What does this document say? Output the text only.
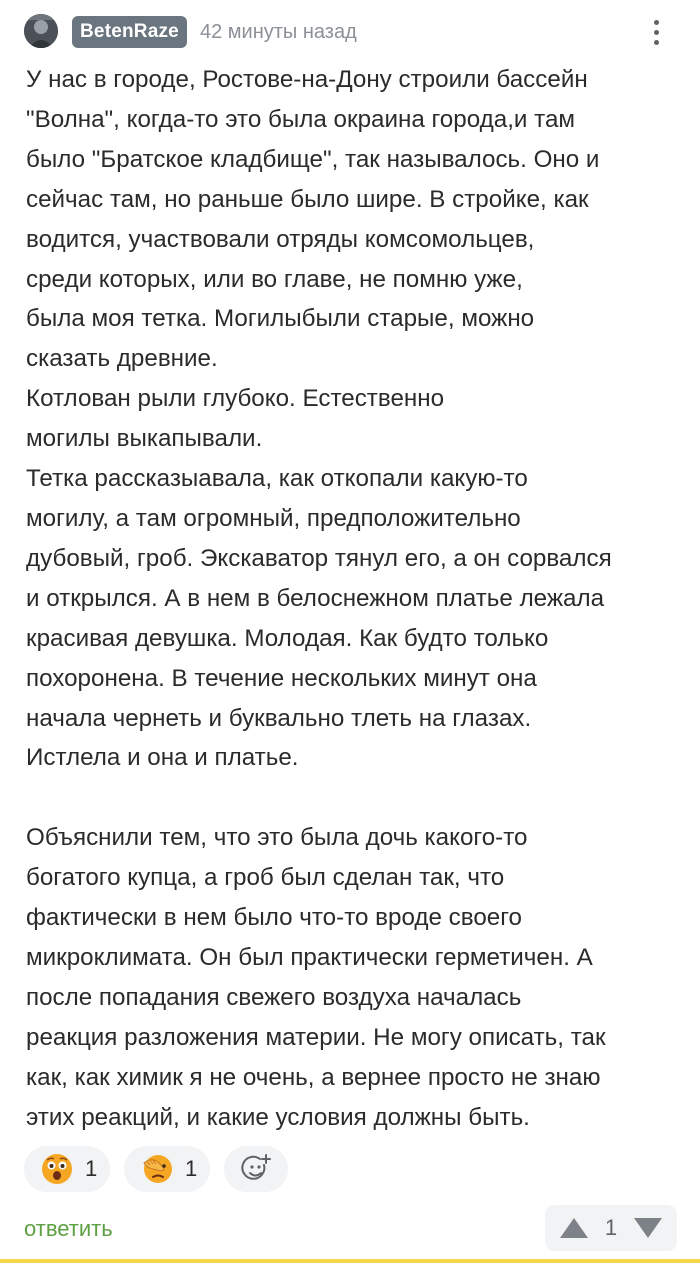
BetenRaze	42 минуты назад

У нас в городе, Ростове-на-Дону строили бассейн

"Волна", когда-то это была окраина города,и там

было "Братское кладбище", так называлось. Оно и

сейчас там, но раньше было шире. В стройке, как

водится, участвовали отряды комсомольцев,

среди которых, или во главе, не помню уже,

была моя тетка. Могилыбыли старые, можно

сказать древние.

Котлован рыли глубоко. Естественно

могилы выкапывали.

Тетка рассказыавала, как откопали какую-то

могилу, а там огромный, предположительно

дубовый, гроб. Экскаватор тянул его, а он сорвался

и открылся. А в нем в белоснежном платье лежала

красивая девушка. Молодая. Как будто только

похоронена. В течение нескольких минут она

начала чернеть и буквально тлеть на глазах.

Истлела и она и платье.

Объяснили тем, что это была дочь какого-то

богатого купца, а гроб был сделан так, что

фактически в нем было что-то вроде своего

микроклимата. Он был практически герметичен. А

после попадания свежего воздуха началась

реакция разложения материи. Не могу описать, так

как, как химик я не очень, а вернее просто не знаю

этих реакций, и какие условия должны быть.

1	1
ответить	1
